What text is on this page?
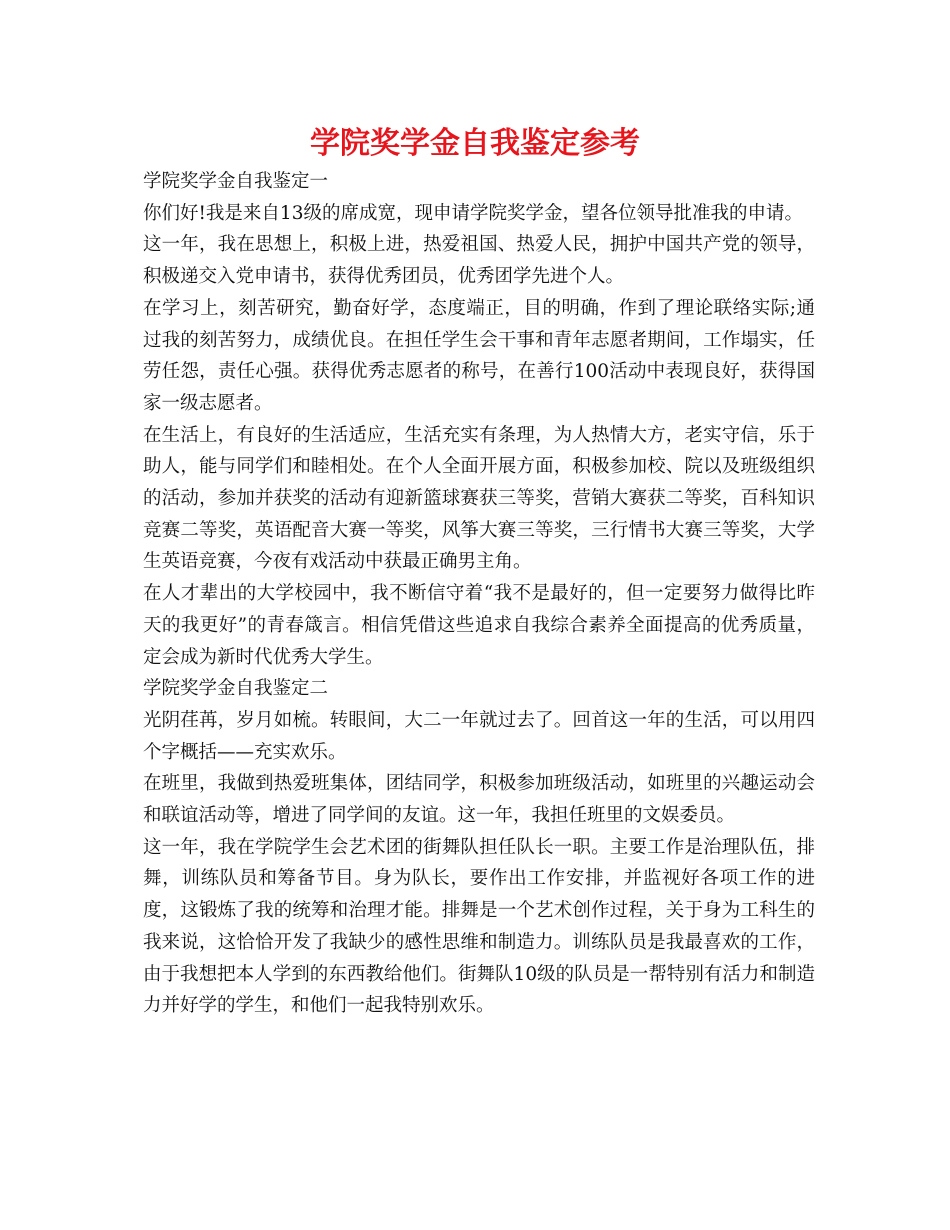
学院奖学金自我鉴定参考

学院奖学金自我鉴定一

你们好!我是来自13级的席成宽，现申请学院奖学金，望各位领导批准我的申请。

这一年，我在思想上，积极上进，热爱祖国、热爱人民，拥护中国共产党的领导，积极递交入党申请书，获得优秀团员，优秀团学先进个人。

在学习上，刻苦研究，勤奋好学，态度端正，目的明确，作到了理论联络实际;通过我的刻苦努力，成绩优良。在担任学生会干事和青年志愿者期间，工作塌实，任劳任怨，责任心强。获得优秀志愿者的称号，在善行100活动中表现良好，获得国家一级志愿者。

在生活上，有良好的生活适应，生活充实有条理，为人热情大方，老实守信，乐于助人，能与同学们和睦相处。在个人全面开展方面，积极参加校、院以及班级组织的活动，参加并获奖的活动有迎新篮球赛获三等奖，营销大赛获二等奖，百科知识竞赛二等奖，英语配音大赛一等奖，风筝大赛三等奖，三行情书大赛三等奖，大学生英语竞赛，今夜有戏活动中获最正确男主角。

在人才辈出的大学校园中，我不断信守着“我不是最好的，但一定要努力做得比昨天的我更好”的青春箴言。相信凭借这些追求自我综合素养全面提高的优秀质量，定会成为新时代优秀大学生。

学院奖学金自我鉴定二

光阴荏苒，岁月如梳。转眼间，大二一年就过去了。回首这一年的生活，可以用四个字概括——充实欢乐。

在班里，我做到热爱班集体，团结同学，积极参加班级活动，如班里的兴趣运动会和联谊活动等，增进了同学间的友谊。这一年，我担任班里的文娱委员。

这一年，我在学院学生会艺术团的街舞队担任队长一职。主要工作是治理队伍，排舞，训练队员和筹备节目。身为队长，要作出工作安排，并监视好各项工作的进度，这锻炼了我的统筹和治理才能。排舞是一个艺术创作过程，关于身为工科生的我来说，这恰恰开发了我缺少的感性思维和制造力。训练队员是我最喜欢的工作，由于我想把本人学到的东西教给他们。街舞队10级的队员是一帮特别有活力和制造力并好学的学生，和他们一起我特别欢乐。
